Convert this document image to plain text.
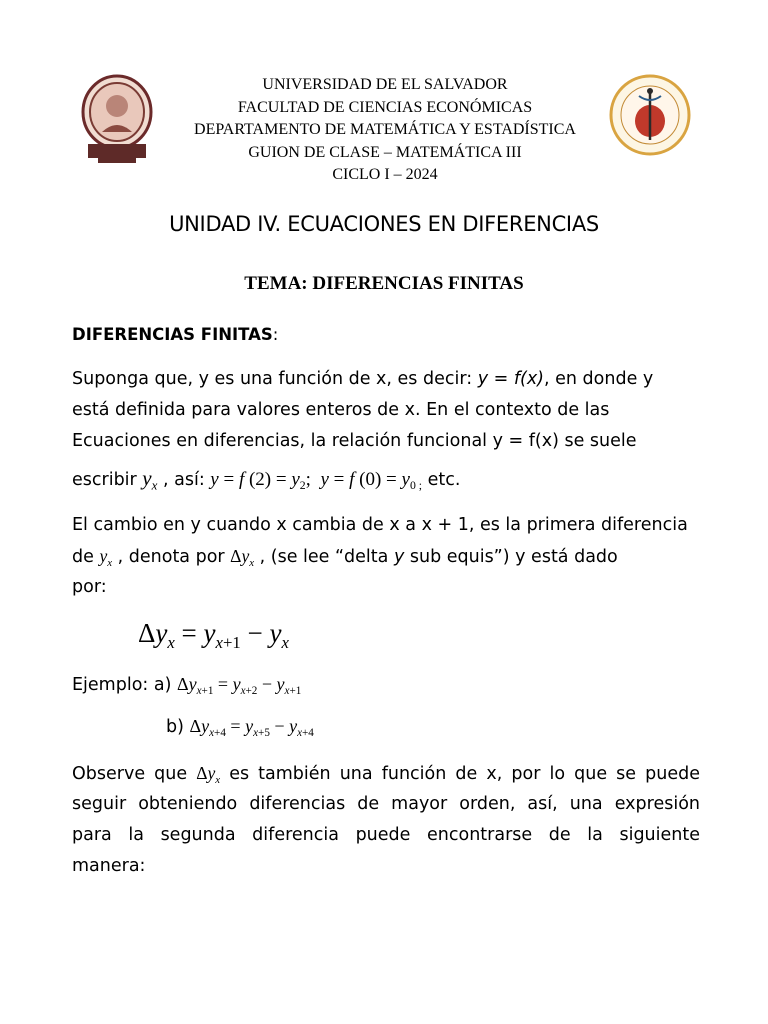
UNIVERSIDAD DE EL SALVADOR
FACULTAD DE CIENCIAS ECONÓMICAS
DEPARTAMENTO DE MATEMÁTICA Y ESTADÍSTICA
GUION DE CLASE – MATEMÁTICA III
CICLO I – 2024
UNIDAD IV. ECUACIONES EN DIFERENCIAS
TEMA: DIFERENCIAS FINITAS
DIFERENCIAS FINITAS:
Suponga que, y es una función de x, es decir: y = f(x), en donde y
está definida para valores enteros de x. En el contexto de las
Ecuaciones en diferencias, la relación funcional y = f(x) se suele
escribir $y_x$ , así: y = f $(2) = y_2$;  y = f $(0) = y_{0 ;}$ etc.
El cambio en y cuando x cambia de x a x + 1, es la primera diferencia
de $y_x$ , denota por $\Delta y_x$ , (se lee “delta y sub equis”) y está dado
por:
$\Delta y_x = y_{x+1} - y_x$
Ejemplo: a) $\Delta y_{x+1} = y_{x+2} - y_{x+1}$
b) $\Delta y_{x+4} = y_{x+5} - y_{x+4}$
Observe que $\Delta y_x$ es también una función de x, por lo que se puede
seguir obteniendo diferencias de mayor orden, así, una expresión
para la segunda diferencia puede encontrarse de la siguiente
manera:
